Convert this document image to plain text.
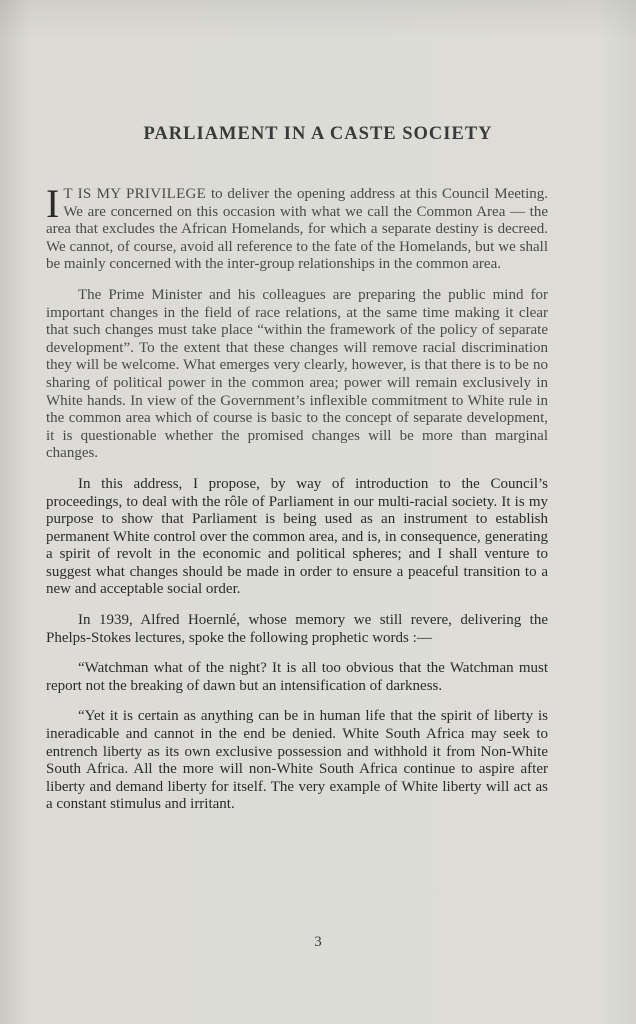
PARLIAMENT IN A CASTE SOCIETY

I T IS MY PRIVILEGE to deliver the opening address at this Council Meeting. We are concerned on this occasion with what we call the Common Area — the area that excludes the African Homelands, for which a separate destiny is decreed. We cannot, of course, avoid all reference to the fate of the Homelands, but we shall be mainly concerned with the inter-group relationships in the common area.

The Prime Minister and his colleagues are preparing the public mind for important changes in the field of race relations, at the same time making it clear that such changes must take place “within the framework of the policy of separate development”. To the extent that these changes will remove racial discrimination they will be welcome. What emerges very clearly, however, is that there is to be no sharing of political power in the common area; power will remain exclusively in White hands. In view of the Government’s inflexible commitment to White rule in the common area which of course is basic to the concept of separate development, it is questionable whether the promised changes will be more than marginal changes.

In this address, I propose, by way of introduction to the Council’s proceedings, to deal with the rôle of Parliament in our multi-racial society. It is my purpose to show that Parliament is being used as an instrument to establish permanent White control over the common area, and is, in consequence, generating a spirit of revolt in the economic and political spheres; and I shall venture to suggest what changes should be made in order to ensure a peaceful transition to a new and acceptable social order.

In 1939, Alfred Hoernlé, whose memory we still revere, delivering the Phelps-Stokes lectures, spoke the following prophetic words :—

“Watchman what of the night? It is all too obvious that the Watchman must report not the breaking of dawn but an intensification of darkness.

“Yet it is certain as anything can be in human life that the spirit of liberty is ineradicable and cannot in the end be denied. White South Africa may seek to entrench liberty as its own exclusive possession and withhold it from Non-White South Africa. All the more will non-White South Africa continue to aspire after liberty and demand liberty for itself. The very example of White liberty will act as a constant stimulus and irritant.

3
